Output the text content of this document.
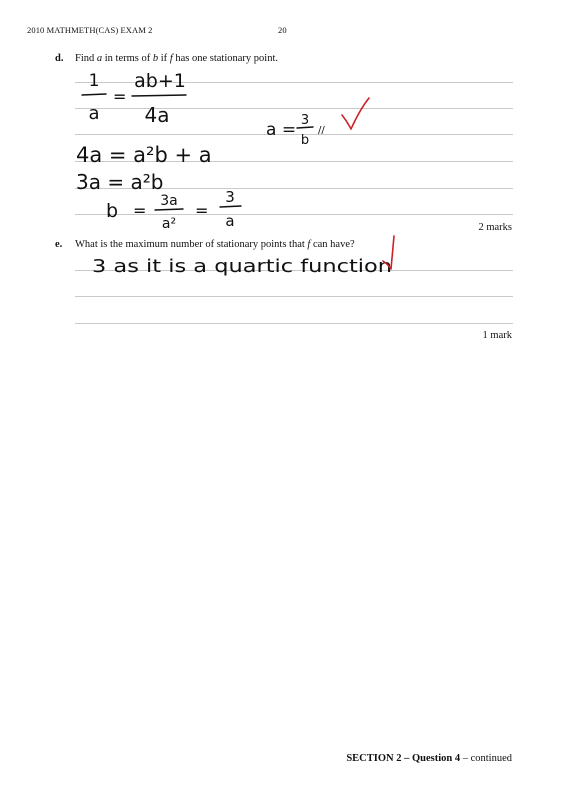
2010 MATHMETH(CAS) EXAM 2	20
d. Find a in terms of b if f has one stationary point.
2 marks
e. What is the maximum number of stationary points that f can have?
1 mark
1
a
=
ab+1
4a
a = 3
b
//
4a = a²b + a
3a = a²b
b = 3a
a²
=
3
a
3 as it is a quartic function
SECTION 2 – Question 4 – continued
